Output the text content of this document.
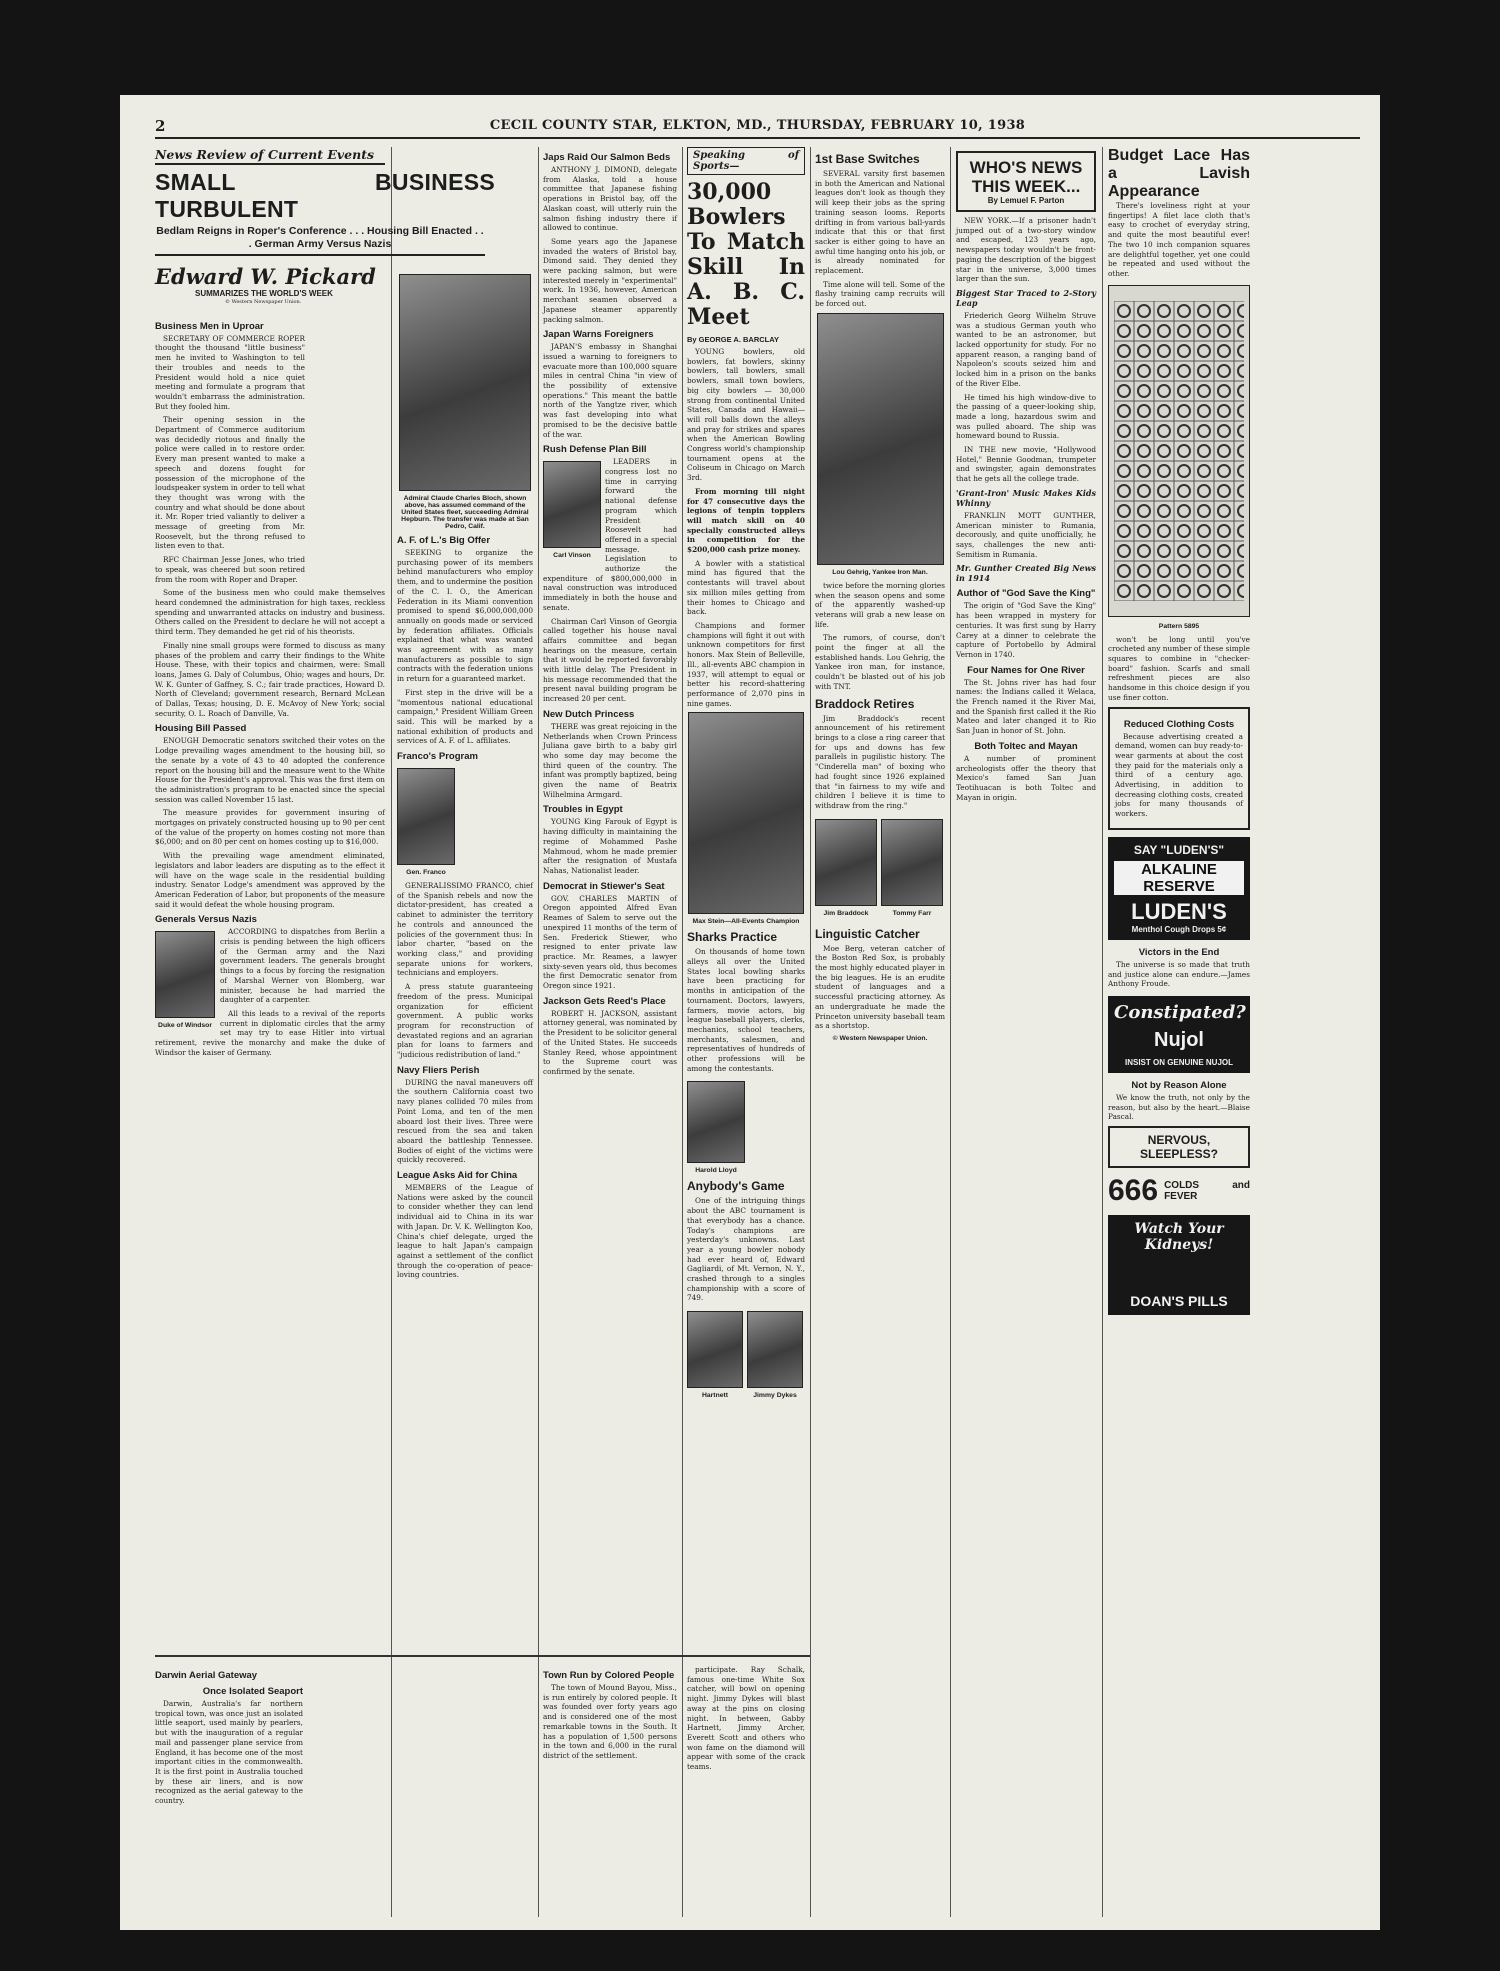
2	CECIL COUNTY STAR, ELKTON, MD., THURSDAY, FEBRUARY 10, 1938
News Review of Current Events
SMALL BUSINESS TURBULENT
Bedlam Reigns in Roper's Conference . . . Housing Bill Enacted . . . German Army Versus Nazis
Edward W. Pickard
SUMMARIZES THE WORLD'S WEEK
© Western Newspaper Union.
Business Men in Uproar

SECRETARY OF COMMERCE ROPER thought the thousand "little business" men he invited to Washington to tell their troubles and needs to the President would hold a nice quiet meeting and formulate a program that wouldn't embarrass the administration. But they fooled him.

Their opening session in the Department of Commerce auditorium was decidedly riotous and finally the police were called in to restore order. Every man present wanted to make a speech and dozens fought for possession of the microphone of the loudspeaker system in order to tell what they thought was wrong with the country and what should be done about it. Mr. Roper tried valiantly to deliver a message of greeting from Mr. Roosevelt, but the throng refused to listen even to that.

RFC Chairman Jesse Jones, who tried to speak, was cheered but soon retired from the room with Roper and Draper.

Some of the business men who could make themselves heard condemned the administration for high taxes, reckless spending and unwarranted attacks on industry and business. Others called on the President to declare he will not accept a third term. They demanded he get rid of his theorists.

Finally nine small groups were formed to discuss as many phases of the problem and carry their findings to the White House. These, with their topics and chairmen, were: Small loans, James G. Daly of Columbus, Ohio; wages and hours, Dr. W. K. Gunter of Gaffney, S. C.; fair trade practices, Howard D. North of Cleveland; government research, Bernard McLean of Dallas, Texas; housing, D. E. McAvoy of New York; social security, O. L. Roach of Danville, Va.

Housing Bill Passed

ENOUGH Democratic senators switched their votes on the Lodge prevailing wages amendment to the housing bill, so the senate by a vote of 43 to 40 adopted the conference report on the housing bill and the measure went to the White House for the President's approval. This was the first item on the administration's program to be enacted since the special session was called November 15 last.

The measure provides for government insuring of mortgages on privately constructed housing up to 90 per cent of the value of the property on homes costing not more than $6,000; and on 80 per cent on homes costing up to $16,000.

With the prevailing wage amendment eliminated, legislators and labor leaders are disputing as to the effect it will have on the wage scale in the residential building industry. Senator Lodge's amendment was approved by the American Federation of Labor, but proponents of the measure said it would defeat the whole housing program.

Generals Versus Nazis
Duke of Windsor

ACCORDING to dispatches from Berlin a crisis is pending between the high officers of the German army and the Nazi government leaders. The generals brought things to a focus by forcing the resignation of Marshal Werner von Blomberg, war minister, because he had married the daughter of a carpenter.

All this leads to a revival of the reports current in diplomatic circles that the army set may try to ease Hitler into virtual retirement, revive the monarchy and make the duke of Windsor the kaiser of Germany.

Admiral Claude Charles Bloch, shown above, has assumed command of the United States fleet, succeeding Admiral Hepburn. The transfer was made at San Pedro, Calif.
A. F. of L.'s Big Offer

SEEKING to organize the purchasing power of its members behind manufacturers who employ them, and to undermine the position of the C. I. O., the American Federation in its Miami convention promised to spend $6,000,000,000 annually on goods made or serviced by federation affiliates. Officials explained that what was wanted was agreement with as many manufacturers as possible to sign contracts with the federation unions in return for a guaranteed market.

First step in the drive will be a "momentous national educational campaign," President William Green said. This will be marked by a national exhibition of products and services of A. F. of L. affiliates.

Franco's Program
Gen. Franco

GENERALISSIMO FRANCO, chief of the Spanish rebels and now the dictator-president, has created a cabinet to administer the territory he controls and announced the policies of the government thus: In labor charter, "based on the working class," and providing separate unions for workers, technicians and employers.

A press statute guaranteeing freedom of the press. Municipal organization for efficient government. A public works program for reconstruction of devastated regions and an agrarian plan for loans to farmers and "judicious redistribution of land."

Navy Fliers Perish

DURING the naval maneuvers off the southern California coast two navy planes collided 70 miles from Point Loma, and ten of the men aboard lost their lives. Three were rescued from the sea and taken aboard the battleship Tennessee. Bodies of eight of the victims were quickly recovered.

League Asks Aid for China

MEMBERS of the League of Nations were asked by the council to consider whether they can lend individual aid to China in its war with Japan. Dr. V. K. Wellington Koo, China's chief delegate, urged the league to halt Japan's campaign against a settlement of the conflict through the co-operation of peace-loving countries.

Japs Raid Our Salmon Beds

ANTHONY J. DIMOND, delegate from Alaska, told a house committee that Japanese fishing operations in Bristol bay, off the Alaskan coast, will utterly ruin the salmon fishing industry there if allowed to continue.

Some years ago the Japanese invaded the waters of Bristol bay, Dimond said. They denied they were packing salmon, but were interested merely in "experimental" work. In 1936, however, American merchant seamen observed a Japanese steamer apparently packing salmon.

Japan Warns Foreigners

JAPAN'S embassy in Shanghai issued a warning to foreigners to evacuate more than 100,000 square miles in central China "in view of the possibility of extensive operations." This meant the battle north of the Yangtze river, which was fast developing into what promised to be the decisive battle of the war.

Rush Defense Plan Bill
Carl Vinson

LEADERS in congress lost no time in carrying forward the national defense program which President Roosevelt had offered in a special message. Legislation to authorize the expenditure of $800,000,000 in naval construction was introduced immediately in both the house and senate.

Chairman Carl Vinson of Georgia called together his house naval affairs committee and began hearings on the measure, certain that it would be reported favorably with little delay. The President in his message recommended that the present naval building program be increased 20 per cent.

New Dutch Princess

THERE was great rejoicing in the Netherlands when Crown Princess Juliana gave birth to a baby girl who some day may become the third queen of the country. The infant was promptly baptized, being given the name of Beatrix Wilhelmina Armgard.

Troubles in Egypt

YOUNG King Farouk of Egypt is having difficulty in maintaining the regime of Mohammed Pashe Mahmoud, whom he made premier after the resignation of Mustafa Nahas, Nationalist leader.

Democrat in Stiewer's Seat

GOV. CHARLES MARTIN of Oregon appointed Alfred Evan Reames of Salem to serve out the unexpired 11 months of the term of Sen. Frederick Stiewer, who resigned to enter private law practice. Mr. Reames, a lawyer sixty-seven years old, thus becomes the first Democratic senator from Oregon since 1921.

Jackson Gets Reed's Place

ROBERT H. JACKSON, assistant attorney general, was nominated by the President to be solicitor general of the United States. He succeeds Stanley Reed, whose appointment to the Supreme court was confirmed by the senate.

Speaking of Sports—
30,000 Bowlers To Match Skill In A. B. C. Meet
By GEORGE A. BARCLAY

YOUNG bowlers, old bowlers, fat bowlers, skinny bowlers, tall bowlers, small bowlers, small town bowlers, big city bowlers — 30,000 strong from continental United States, Canada and Hawaii—will roll balls down the alleys and pray for strikes and spares when the American Bowling Congress world's championship tournament opens at the Coliseum in Chicago on March 3rd.

From morning till night for 47 consecutive days the legions of tenpin topplers will match skill on 40 specially constructed alleys in competition for the $200,000 cash prize money.

A bowler with a statistical mind has figured that the contestants will travel about six million miles getting from their homes to Chicago and back.

Champions and former champions will fight it out with unknown competitors for first honors. Max Stein of Belleville, Ill., all-events ABC champion in 1937, will attempt to equal or better his record-shattering performance of 2,070 pins in nine games.

Max Stein—All-Events Champion
Sharks Practice

On thousands of home town alleys all over the United States local bowling sharks have been practicing for months in anticipation of the tournament. Doctors, lawyers, farmers, movie actors, big league baseball players, clerks, mechanics, school teachers, merchants, salesmen, and representatives of hundreds of other professions will be among the contestants.

Harold Lloyd
Anybody's Game

One of the intriguing things about the ABC tournament is that everybody has a chance. Today's champions are yesterday's unknowns. Last year a young bowler nobody had ever heard of, Edward Gagliardi, of Mt. Vernon, N. Y., crashed through to a singles championship with a score of 749.

Hartnett	Jimmy Dykes
1st Base Switches

SEVERAL varsity first basemen in both the American and National leagues don't look as though they will keep their jobs as the spring training season looms. Reports drifting in from various ball-yards indicate that this or that first sacker is either going to have an awful time hanging onto his job, or is already nominated for replacement.

Time alone will tell. Some of the flashy training camp recruits will be forced out.

Lou Gehrig, Yankee Iron Man.

twice before the morning glories when the season opens and some of the apparently washed-up veterans will grab a new lease on life.

The rumors, of course, don't point the finger at all the established hands. Lou Gehrig, the Yankee iron man, for instance, couldn't be blasted out of his job with TNT.

Braddock Retires

Jim Braddock's recent announcement of his retirement brings to a close a ring career that for ups and downs has few parallels in pugilistic history. The "Cinderella man" of boxing who had fought since 1926 explained that "in fairness to my wife and children I believe it is time to withdraw from the ring."

Jim Braddock	Tommy Farr
Linguistic Catcher

Moe Berg, veteran catcher of the Boston Red Sox, is probably the most highly educated player in the big leagues. He is an erudite student of languages and a successful practicing attorney. As an undergraduate he made the Princeton university baseball team as a shortstop.

© Western Newspaper Union.
WHO'S NEWS THIS WEEK...
By Lemuel F. Parton

NEW YORK.—If a prisoner hadn't jumped out of a two-story window and escaped, 123 years ago, newspapers today wouldn't be front-paging the description of the biggest star in the universe, 3,000 times larger than the sun.

Biggest Star Traced to 2-Story Leap

Friederich Georg Wilhelm Struve was a studious German youth who wanted to be an astronomer, but lacked opportunity for study. For no apparent reason, a ranging band of Napoleon's scouts seized him and locked him in a prison on the banks of the River Elbe.

He timed his high window-dive to the passing of a queer-looking ship, made a long, hazardous swim and was pulled aboard. The ship was homeward bound to Russia.

IN THE new movie, "Hollywood Hotel," Bennie Goodman, trumpeter and swingster, again demonstrates that he gets all the college trade.

'Grant-Iron' Music Makes Kids Whinny

FRANKLIN MOTT GUNTHER, American minister to Rumania, decorously, and quite unofficially, he says, challenges the new anti-Semitism in Rumania.

Mr. Gunther Created Big News in 1914
Author of "God Save the King"

The origin of "God Save the King" has been wrapped in mystery for centuries. It was first sung by Harry Carey at a dinner to celebrate the capture of Portobello by Admiral Vernon in 1740.

Four Names for One River

The St. Johns river has had four names: the Indians called it Welaca, the French named it the River Mai, and the Spanish first called it the Rio Mateo and later changed it to Rio San Juan in honor of St. John.

Both Toltec and Mayan

A number of prominent archeologists offer the theory that Mexico's famed San Juan Teotihuacan is both Toltec and Mayan in origin.

Budget Lace Has a Lavish Appearance

There's loveliness right at your fingertips! A filet lace cloth that's easy to crochet of everyday string, and quite the most beautiful ever! The two 10 inch companion squares are delightful together, yet one could be repeated and used without the other.

Pattern 5895

won't be long until you've crocheted any number of these simple squares to combine in "checker-board" fashion. Scarfs and small refreshment pieces are also handsome in this choice design if you use finer cotton.

Reduced Clothing Costs

Because advertising created a demand, women can buy ready-to-wear garments at about the cost they paid for the materials only a third of a century ago. Advertising, in addition to decreasing clothing costs, created jobs for many thousands of workers.

SAY "LUDEN'S"
ALKALINE RESERVE
LUDEN'S
Menthol Cough Drops 5¢
Victors in the End

The universe is so made that truth and justice alone can endure.—James Anthony Froude.

Constipated?
Nujol
INSIST ON GENUINE NUJOL
Not by Reason Alone

We know the truth, not only by the reason, but also by the heart.—Blaise Pascal.

NERVOUS, SLEEPLESS?
666 COLDS and FEVER
Watch Your Kidneys!
DOAN'S PILLS
Darwin Aerial Gateway
Once Isolated Seaport

Darwin, Australia's far northern tropical town, was once just an isolated little seaport, used mainly by pearlers, but with the inauguration of a regular mail and passenger plane service from England, it has become one of the most important cities in the commonwealth. It is the first point in Australia touched by these air liners, and is now recognized as the aerial gateway to the country.

Town Run by Colored People

The town of Mound Bayou, Miss., is run entirely by colored people. It was founded over forty years ago and is considered one of the most remarkable towns in the South. It has a population of 1,500 persons in the town and 6,000 in the rural district of the settlement.

participate. Ray Schalk, famous one-time White Sox catcher, will bowl on opening night. Jimmy Dykes will blast away at the pins on closing night. In between, Gabby Hartnett, Jimmy Archer, Everett Scott and others who won fame on the diamond will appear with some of the crack teams.
